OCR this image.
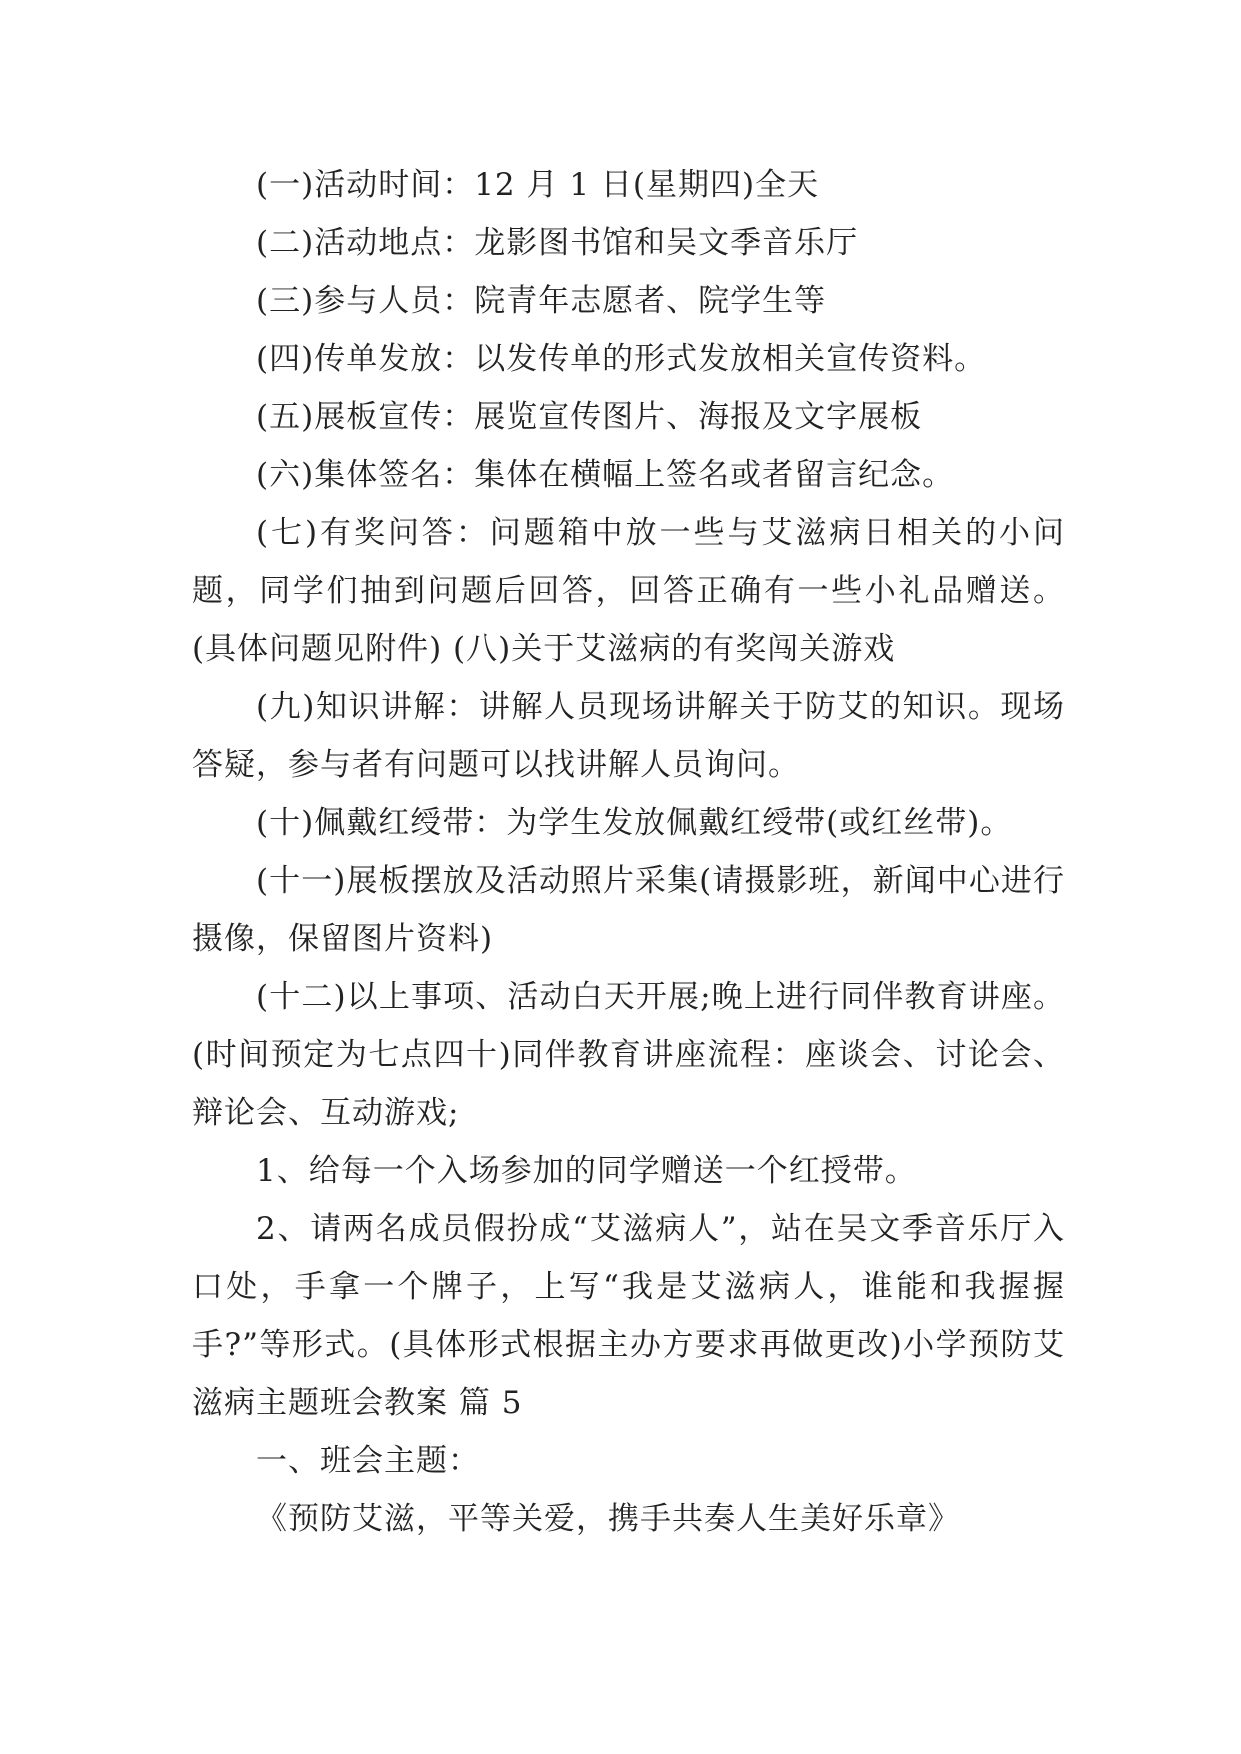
(一)活动时间：12 月 1 日(星期四)全天

(二)活动地点：龙影图书馆和吴文季音乐厅

(三)参与人员：院青年志愿者、院学生等

(四)传单发放：以发传单的形式发放相关宣传资料。

(五)展板宣传：展览宣传图片、海报及文字展板

(六)集体签名：集体在横幅上签名或者留言纪念。

(七)有奖问答：问题箱中放一些与艾滋病日相关的小问题，同学们抽到问题后回答，回答正确有一些小礼品赠送。(具体问题见附件) (八)关于艾滋病的有奖闯关游戏

(九)知识讲解：讲解人员现场讲解关于防艾的知识。现场答疑，参与者有问题可以找讲解人员询问。

(十)佩戴红绶带：为学生发放佩戴红绶带(或红丝带)。

(十一)展板摆放及活动照片采集(请摄影班，新闻中心进行摄像，保留图片资料)

(十二)以上事项、活动白天开展;晚上进行同伴教育讲座。(时间预定为七点四十)同伴教育讲座流程：座谈会、讨论会、辩论会、互动游戏;

1、给每一个入场参加的同学赠送一个红授带。

2、请两名成员假扮成“艾滋病人”，站在吴文季音乐厅入口处，手拿一个牌子，上写“我是艾滋病人，谁能和我握握手?”等形式。(具体形式根据主办方要求再做更改)小学预防艾滋病主题班会教案 篇 5

一、班会主题：

《预防艾滋，平等关爱，携手共奏人生美好乐章》
